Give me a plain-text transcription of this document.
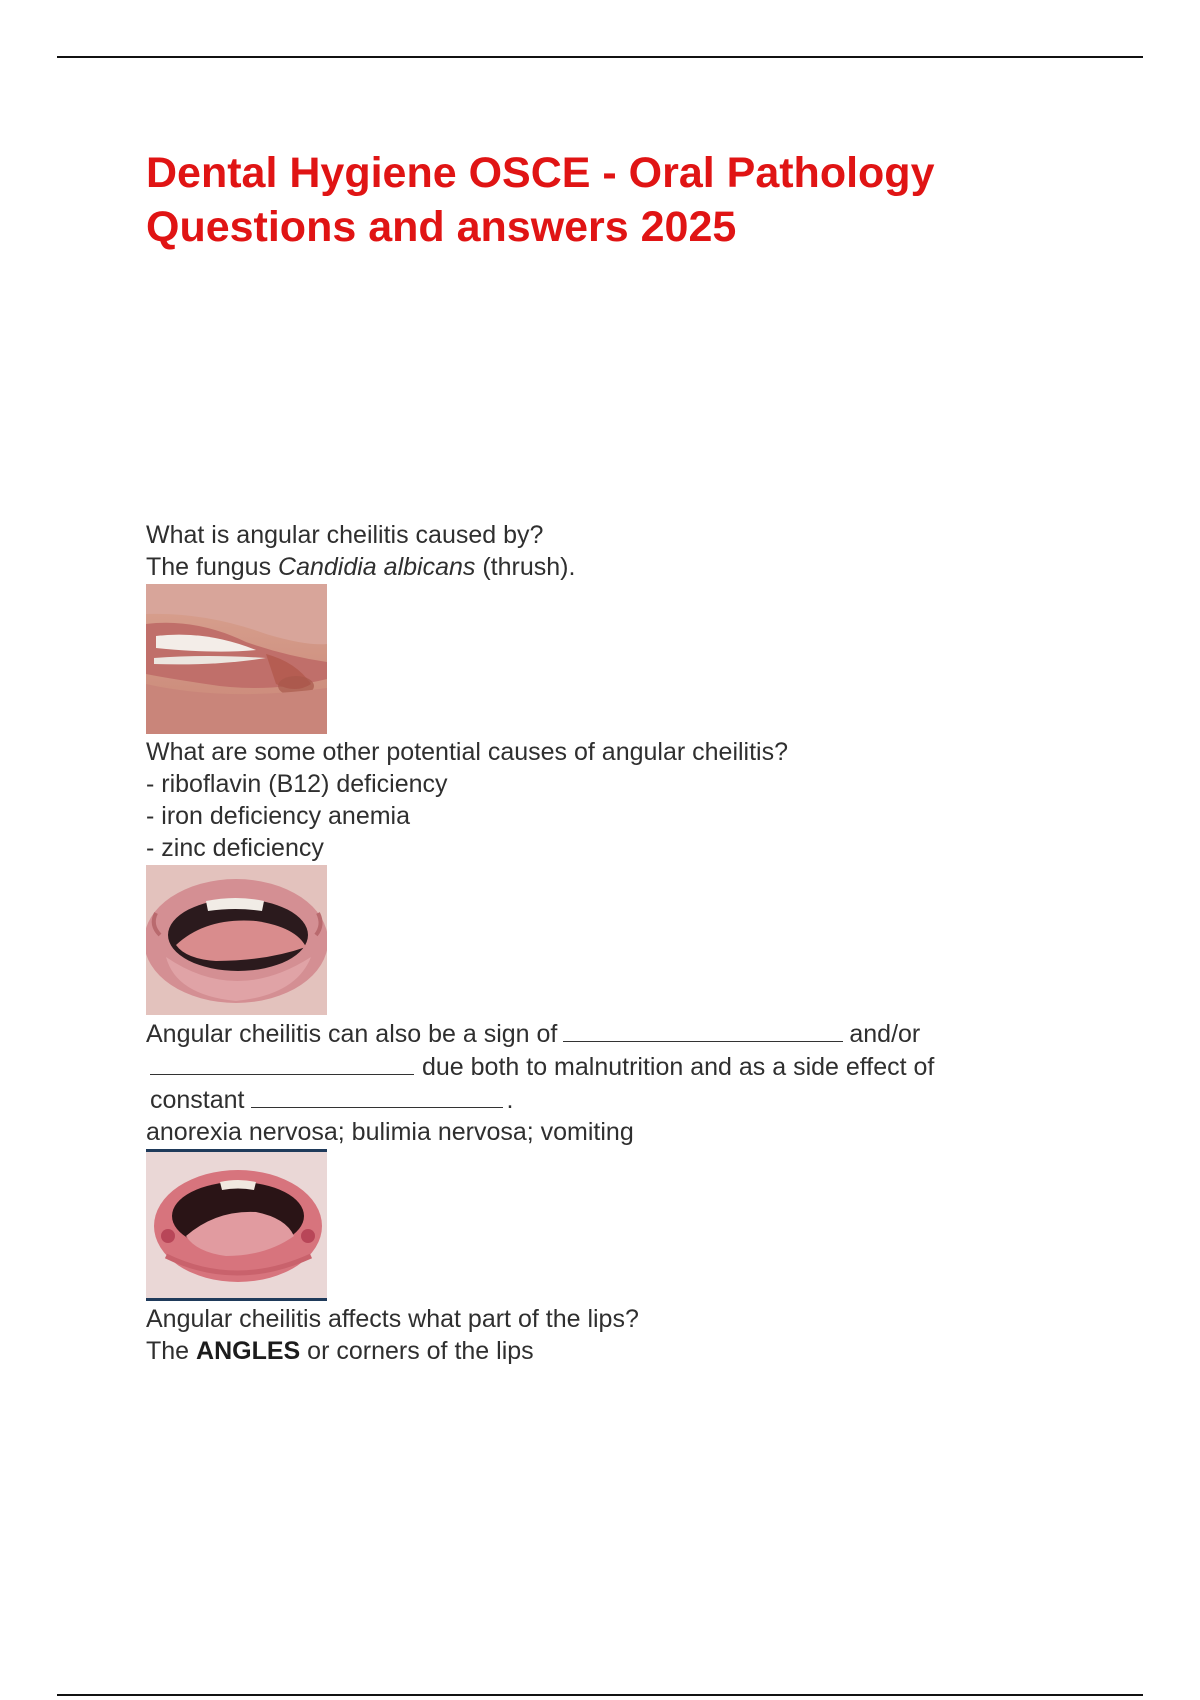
Dental Hygiene OSCE - Oral Pathology
Questions and answers 2025
What is angular cheilitis caused by?
The fungus Candidia albicans (thrush).
What are some other potential causes of angular cheilitis?
- riboflavin (B12) deficiency
- iron deficiency anemia
- zinc deficiency
Angular cheilitis can also be a sign of	and/or
due both to malnutrition and as a side effect of
constant	.
anorexia nervosa; bulimia nervosa; vomiting
Angular cheilitis affects what part of the lips?
The ANGLES or corners of the lips
